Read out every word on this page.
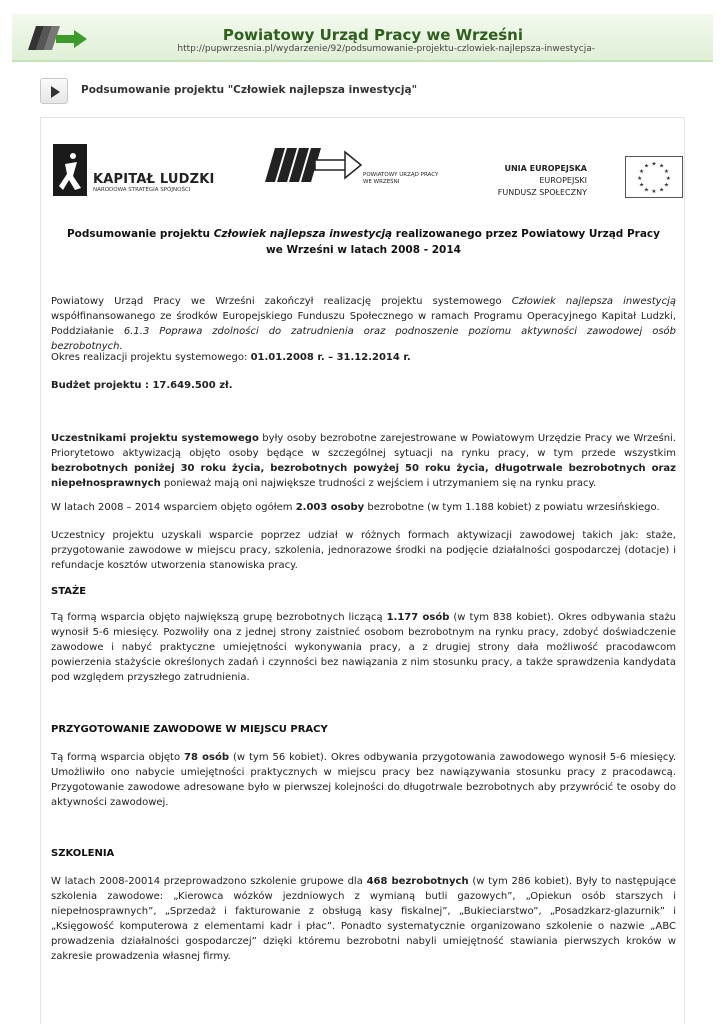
Powiatowy Urząd Pracy we Wrześni
http://pupwrzesnia.pl/wydarzenie/92/podsumowanie-projektu-czlowiek-najlepsza-inwestycja-
Podsumowanie projektu "Człowiek najlepsza inwestycją"
KAPITAŁ LUDZKI
NARODOWA STRATEGIA SPÓJNOŚCI
POWIATOWY URZĄD PRACY
WE WRZEŚNI
UNIA EUROPEJSKA
EUROPEJSKI
FUNDUSZ SPOŁECZNY
★ ★
★
★
★
★
★
★
★
★
★
★
Podsumowanie projektu Człowiek najlepsza inwestycją realizowanego przez Powiatowy Urząd Pracy we Wrześni w latach 2008 - 2014
Powiatowy Urząd Pracy we Wrześni zakończył realizację projektu systemowego Człowiek najlepsza inwestycją współfinansowanego ze środków Europejskiego Funduszu Społecznego w ramach Programu Operacyjnego Kapitał Ludzki, Poddziałanie 6.1.3 Poprawa zdolności do zatrudnienia oraz podnoszenie poziomu aktywności zawodowej osób bezrobotnych.
Okres realizacji projektu systemowego: 01.01.2008 r. – 31.12.2014 r.
Budżet projektu : 17.649.500 zł.
Uczestnikami projektu systemowego były osoby bezrobotne zarejestrowane w Powiatowym Urzędzie Pracy we Wrześni. Priorytetowo aktywizacją objęto osoby będące w szczególnej sytuacji na rynku pracy, w tym przede wszystkim bezrobotnych poniżej 30 roku życia, bezrobotnych powyżej 50 roku życia, długotrwale bezrobotnych oraz niepełnosprawnych ponieważ mają oni największe trudności z wejściem i utrzymaniem się na rynku pracy.
W latach 2008 – 2014 wsparciem objęto ogółem 2.003 osoby bezrobotne (w tym 1.188 kobiet) z powiatu wrzesińskiego.
Uczestnicy projektu uzyskali wsparcie poprzez udział w różnych formach aktywizacji zawodowej takich jak: staże, przygotowanie zawodowe w miejscu pracy, szkolenia, jednorazowe środki na podjęcie działalności gospodarczej (dotacje) i refundacje kosztów utworzenia stanowiska pracy.
STAŻE
Tą formą wsparcia objęto największą grupę bezrobotnych liczącą 1.177 osób (w tym 838 kobiet). Okres odbywania stażu wynosił 5-6 miesięcy. Pozwoliły ona z jednej strony zaistnieć osobom bezrobotnym na rynku pracy, zdobyć doświadczenie zawodowe i nabyć praktyczne umiejętności wykonywania pracy, a z drugiej strony dała możliwość pracodawcom powierzenia stażyście określonych zadań i czynności bez nawiązania z nim stosunku pracy, a także sprawdzenia kandydata pod względem przyszłego zatrudnienia.
PRZYGOTOWANIE ZAWODOWE W MIEJSCU PRACY
Tą formą wsparcia objęto 78 osób (w tym 56 kobiet). Okres odbywania przygotowania zawodowego wynosił 5-6 miesięcy. Umożliwiło ono nabycie umiejętności praktycznych w miejscu pracy bez nawiązywania stosunku pracy z pracodawcą. Przygotowanie zawodowe adresowane było w pierwszej kolejności do długotrwale bezrobotnych aby przywrócić te osoby do aktywności zawodowej.
SZKOLENIA
W latach 2008-20014 przeprowadzono szkolenie grupowe dla 468 bezrobotnych (w tym 286 kobiet). Były to następujące szkolenia zawodowe: „Kierowca wózków jezdniowych z wymianą butli gazowych”, „Opiekun osób starszych i niepełnosprawnych”, „Sprzedaż i fakturowanie z obsługą kasy fiskalnej”, „Bukieciarstwo”, „Posadzkarz-glazurnik” i „Księgowość komputerowa z elementami kadr i płac”. Ponadto systematycznie organizowano szkolenie o nazwie „ABC prowadzenia działalności gospodarczej” dzięki któremu bezrobotni nabyli umiejętność stawiania pierwszych kroków w zakresie prowadzenia własnej firmy.
